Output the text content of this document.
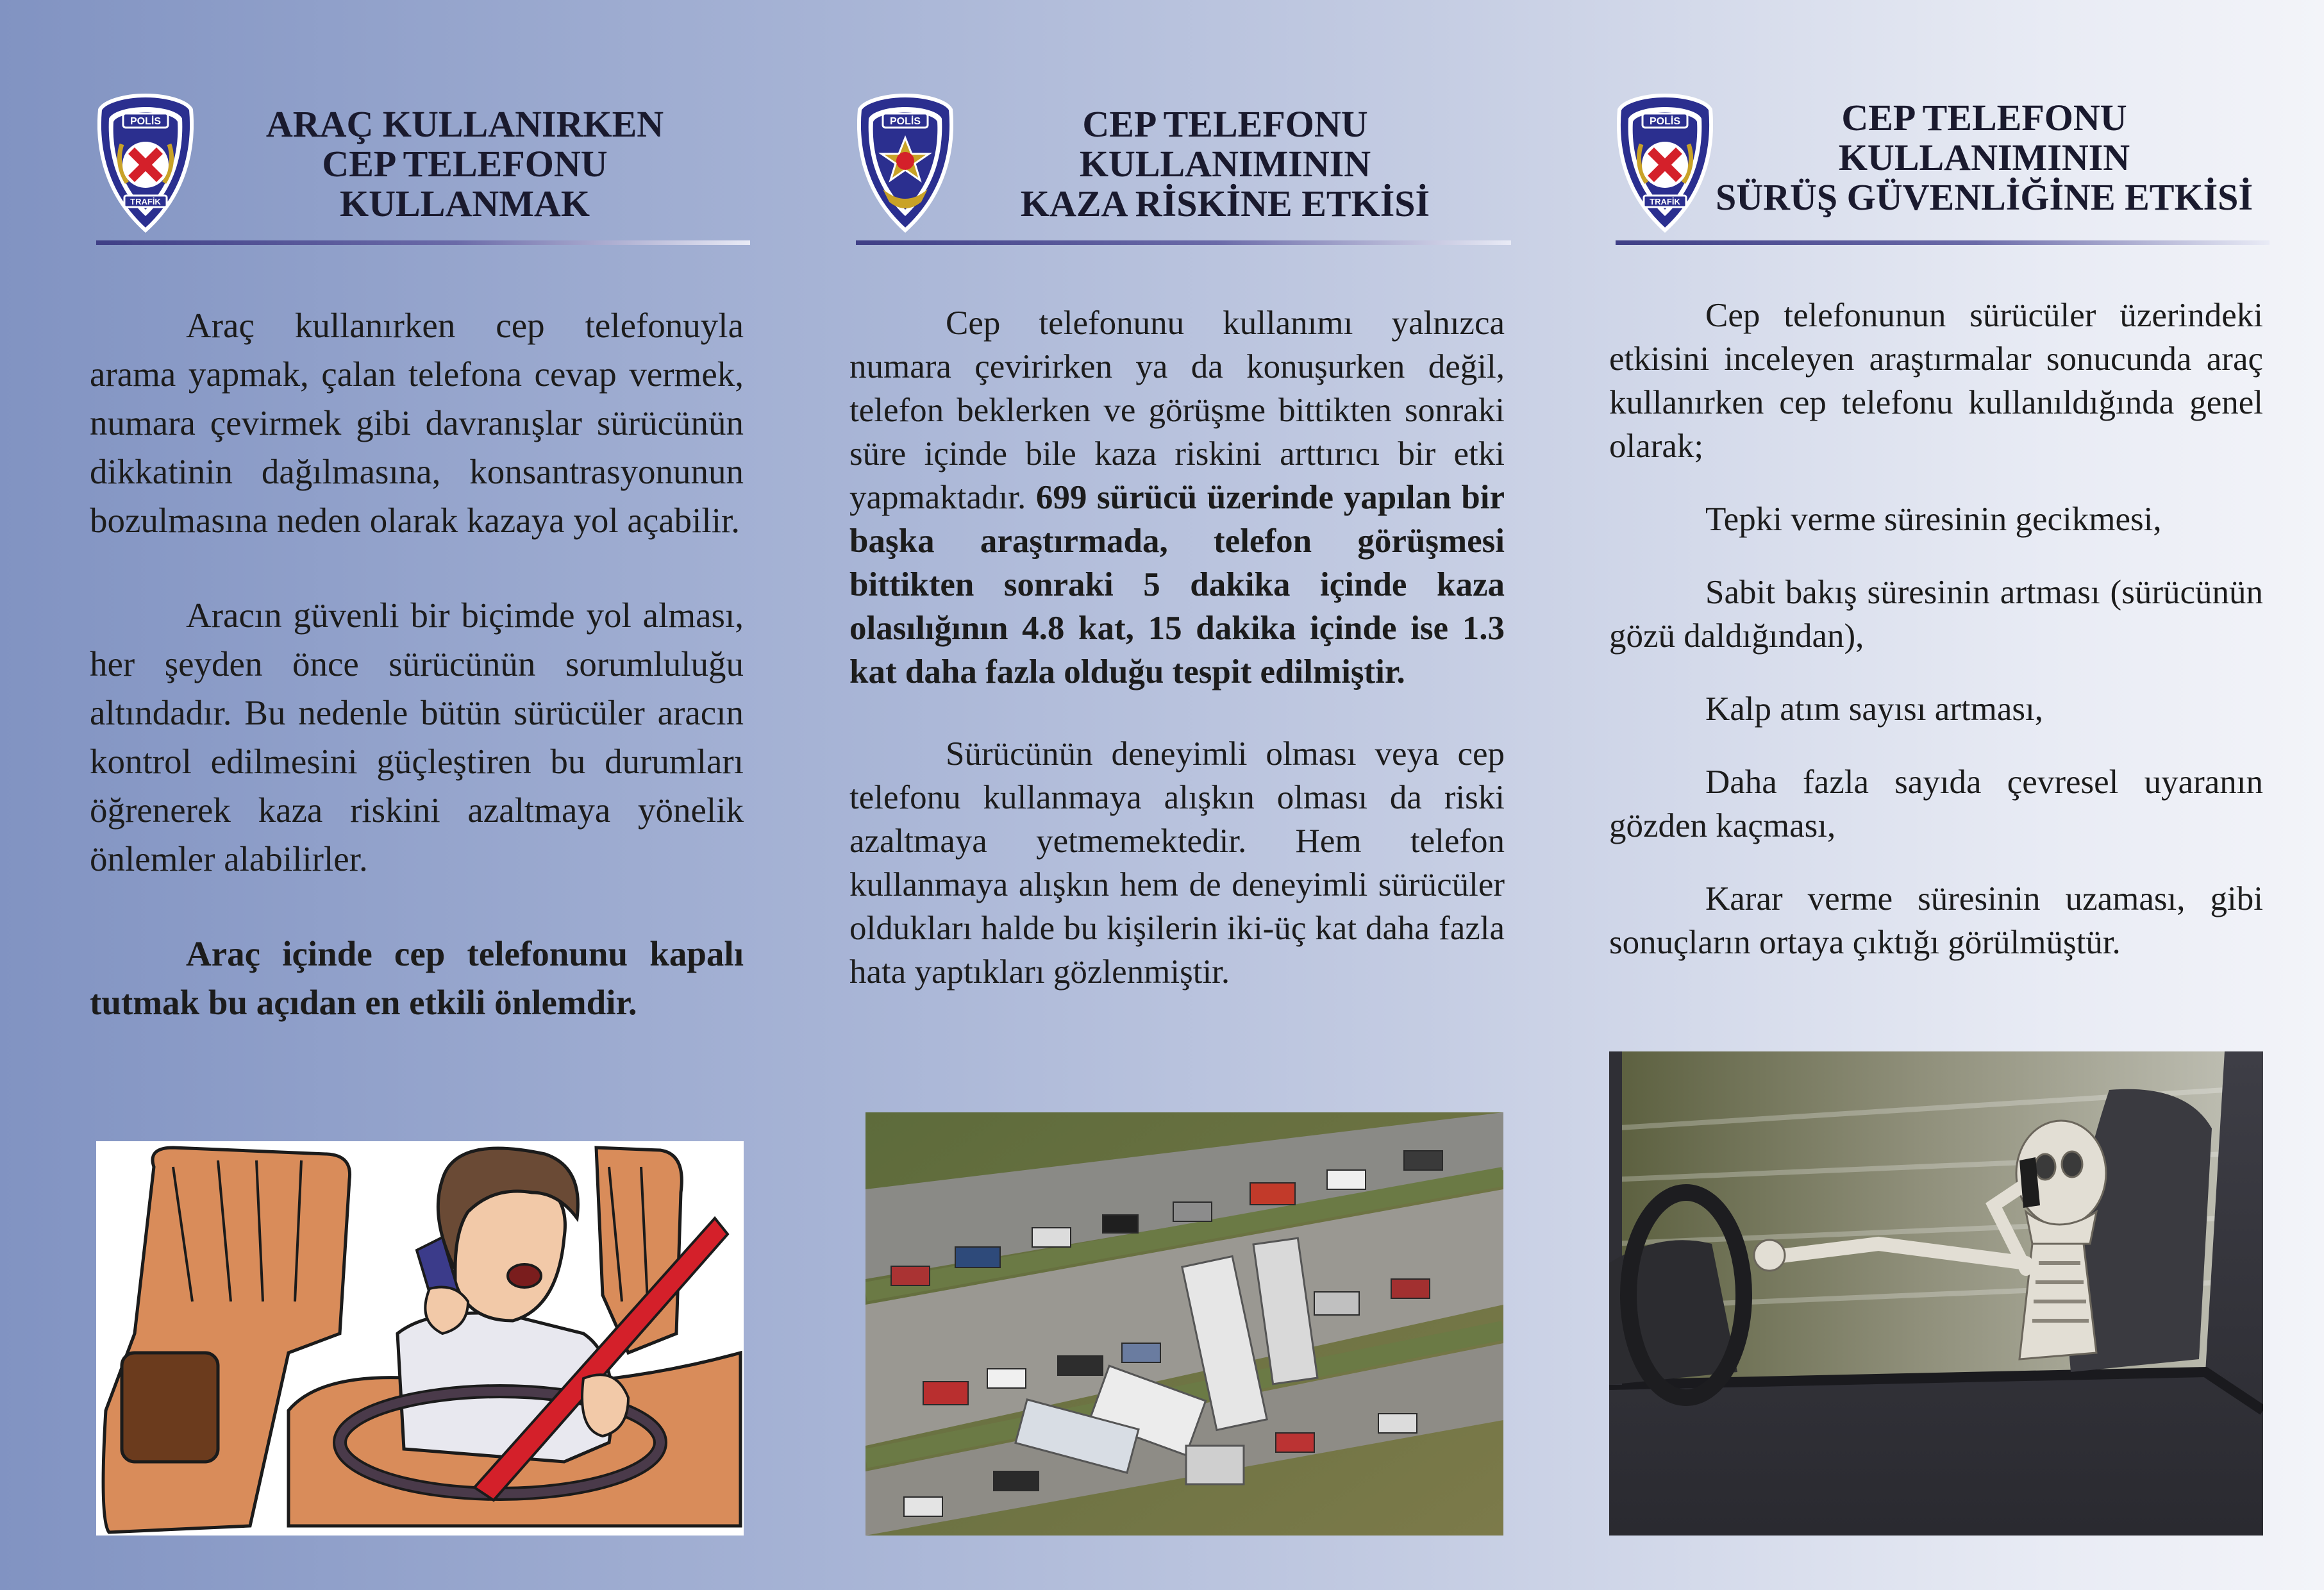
POLİS
TRAFİK
ARAÇ KULLANIRKEN
CEP TELEFONU
KULLANMAK

Araç kullanırken cep telefonuyla arama yapmak, çalan telefona cevap vermek, numara çevirmek gibi davranışlar sürücünün dikkatinin dağılmasına, konsantrasyonunun bozulmasına neden olarak kazaya yol açabilir.

Aracın güvenli bir biçimde yol alması, her şeyden önce sürücünün sorumluluğu altındadır. Bu nedenle bütün sürücüler aracın kontrol edilmesini güçleştiren bu durumları öğrenerek kaza riskini azaltmaya yönelik önlemler alabilirler.

Araç içinde cep telefonunu kapalı tutmak bu açıdan en etkili önlemdir.

POLİS	CEP TELEFONU
KULLANIMININ
KAZA RİSKİNE ETKİSİ

Cep telefonunu kullanımı yalnızca numara çevirirken ya da konuşurken değil, telefon beklerken ve görüşme bittikten sonraki süre içinde bile kaza riskini arttırıcı bir etki yapmaktadır. 699 sürücü üzerinde yapılan bir başka araştırmada, telefon görüşmesi bittikten sonraki 5 dakika içinde kaza olasılığının 4.8 kat, 15 dakika içinde ise 1.3 kat daha fazla olduğu tespit edilmiştir.

Sürücünün deneyimli olması veya cep telefonu kullanmaya alışkın olması da riski azaltmaya yetmemektedir. Hem telefon kullanmaya alışkın hem de deneyimli sürücüler oldukları halde bu kişilerin iki-üç kat daha fazla hata yaptıkları gözlenmiştir.

POLİS
TRAFİK
CEP TELEFONU
KULLANIMININ
SÜRÜŞ GÜVENLİĞİNE ETKİSİ

Cep telefonunun sürücüler üzerindeki etkisini inceleyen araştırmalar sonucunda araç kullanırken cep telefonu kullanıldığında genel olarak;

Tepki verme süresinin gecikmesi,

Sabit bakış süresinin artması (sürücünün gözü daldığından),

Kalp atım sayısı artması,

Daha fazla sayıda çevresel uyaranın gözden kaçması,

Karar verme süresinin uzaması, gibi sonuçların ortaya çıktığı görülmüştür.
